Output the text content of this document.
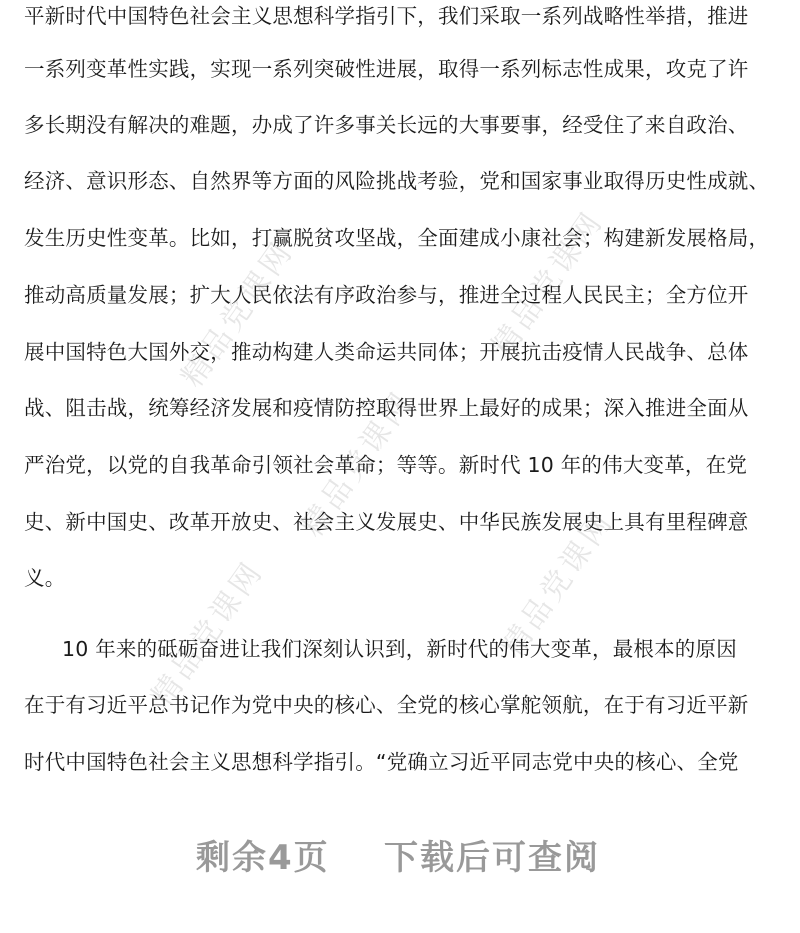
精品党课网	精品党课网
精品党课网
精品党课网
精品党课网
平新时代中国特色社会主义思想科学指引下，我们采取一系列战略性举措，推进
一系列变革性实践，实现一系列突破性进展，取得一系列标志性成果，攻克了许
多长期没有解决的难题，办成了许多事关长远的大事要事，经受住了来自政治、
经济、意识形态、自然界等方面的风险挑战考验，党和国家事业取得历史性成就、
发生历史性变革。比如，打赢脱贫攻坚战，全面建成小康社会；构建新发展格局，
推动高质量发展；扩大人民依法有序政治参与，推进全过程人民民主；全方位开
展中国特色大国外交，推动构建人类命运共同体；开展抗击疫情人民战争、总体
战、阻击战，统筹经济发展和疫情防控取得世界上最好的成果；深入推进全面从
严治党，以党的自我革命引领社会革命；等等。新时代 10 年的伟大变革，在党
史、新中国史、改革开放史、社会主义发展史、中华民族发展史上具有里程碑意
义。
10 年来的砥砺奋进让我们深刻认识到，新时代的伟大变革，最根本的原因
在于有习近平总书记作为党中央的核心、全党的核心掌舵领航，在于有习近平新
时代中国特色社会主义思想科学指引。“党确立习近平同志党中央的核心、全党
剩余4页 下载后可查阅
